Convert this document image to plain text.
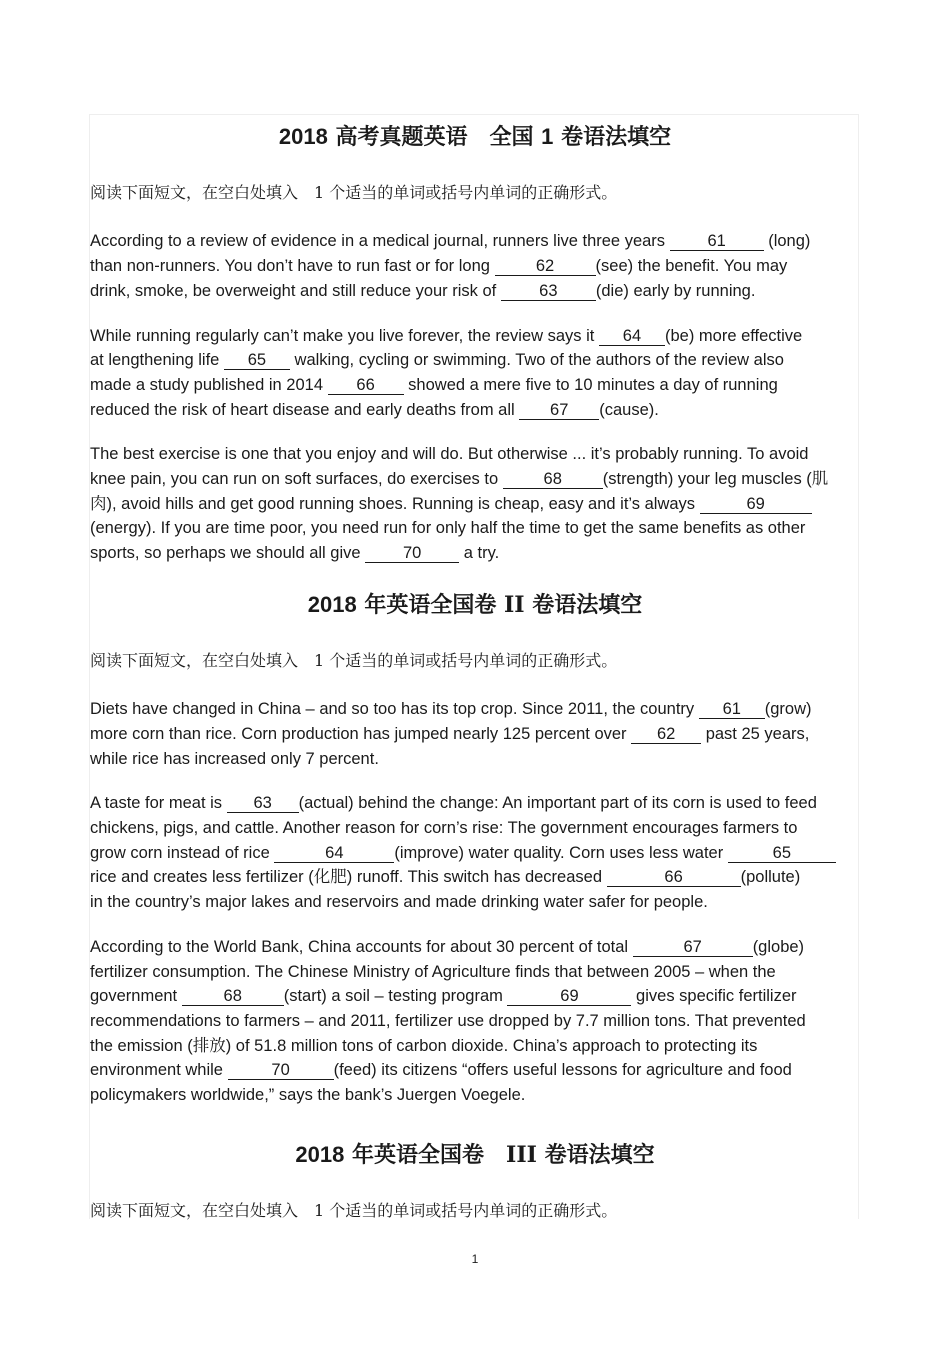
2018 高考真题英语　全国 1 卷语法填空

阅读下面短文，在空白处填入　1 个适当的单词或括号内单词的正确形式。

According to a review of evidence in a medical journal, runners live three years 61 (long)
than non-runners. You don’t have to run fast or for long	62	(see) the benefit. You may
drink, smoke, be overweight and still reduce your risk of 63 (die) early by running.

While running regularly can’t make you live forever, the review says it 64 (be) more effective
at lengthening life 65 walking, cycling or swimming. Two of the authors of the review also
made a study published in 2014 66 showed a mere five to 10 minutes a day of running
reduced the risk of heart disease and early deaths from all 67 (cause).

The best exercise is one that you enjoy and will do. But otherwise ... it’s probably running. To avoid
knee pain, you can run on soft surfaces, do exercises to 68 (strength) your leg muscles (肌
肉), avoid hills and get good running shoes. Running is cheap, easy and it’s always	69
(energy). If you are time poor, you need run for only half the time to get the same benefits as other
sports, so perhaps we should all give 70 a try.

2018 年英语全国卷 II 卷语法填空

阅读下面短文，在空白处填入　1 个适当的单词或括号内单词的正确形式。

Diets have changed in China – and so too has its top crop. Since 2011, the country 61 (grow)
more corn than rice. Corn production has jumped nearly 125 percent over 62 past 25 years,
while rice has increased only 7 percent.

A taste for meat is 63 (actual) behind the change: An important part of its corn is used to feed
chickens, pigs, and cattle. Another reason for corn’s rise: The government encourages farmers to
grow corn instead of rice	64	(improve) water quality. Corn uses less water	65
rice and creates less fertilizer (化肥) runoff. This switch has decreased	66	(pollute)
in the country’s major lakes and reservoirs and made drinking water safer for people.

According to the World Bank, China accounts for about 30 percent of total	67	(globe)
fertilizer consumption. The Chinese Ministry of Agriculture finds that between 2005 – when the
government	68	(start) a soil – testing program	69	gives specific fertilizer
recommendations to farmers – and 2011, fertilizer use dropped by 7.7 million tons. That prevented
the emission (排放) of 51.8 million tons of carbon dioxide. China’s approach to protecting its
environment while	70	(feed) its citizens “offers useful lessons for agriculture and food
policymakers worldwide,” says the bank’s Juergen Voegele.

2018 年英语全国卷　III 卷语法填空

阅读下面短文，在空白处填入　1 个适当的单词或括号内单词的正确形式。

1
